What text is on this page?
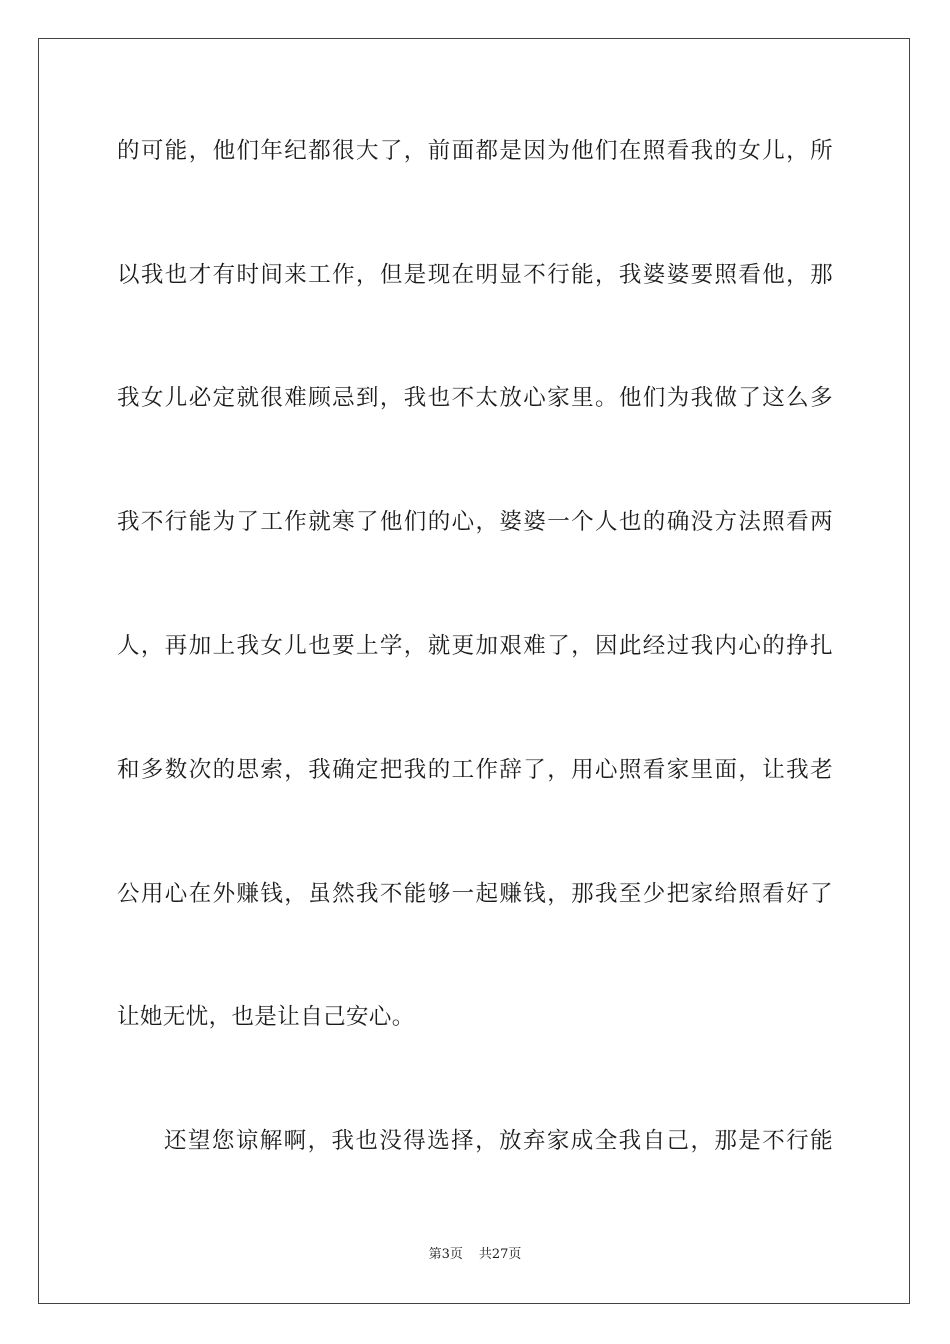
的可能，他们年纪都很大了，前面都是因为他们在照看我的女儿，所
以我也才有时间来工作，但是现在明显不行能，我婆婆要照看他，那
我女儿必定就很难顾忌到，我也不太放心家里。他们为我做了这么多
我不行能为了工作就寒了他们的心，婆婆一个人也的确没方法照看两
人，再加上我女儿也要上学，就更加艰难了，因此经过我内心的挣扎
和多数次的思索，我确定把我的工作辞了，用心照看家里面，让我老
公用心在外赚钱，虽然我不能够一起赚钱，那我至少把家给照看好了
让她无忧，也是让自己安心。
还望您谅解啊，我也没得选择，放弃家成全我自己，那是不行能
第3页 共27页
